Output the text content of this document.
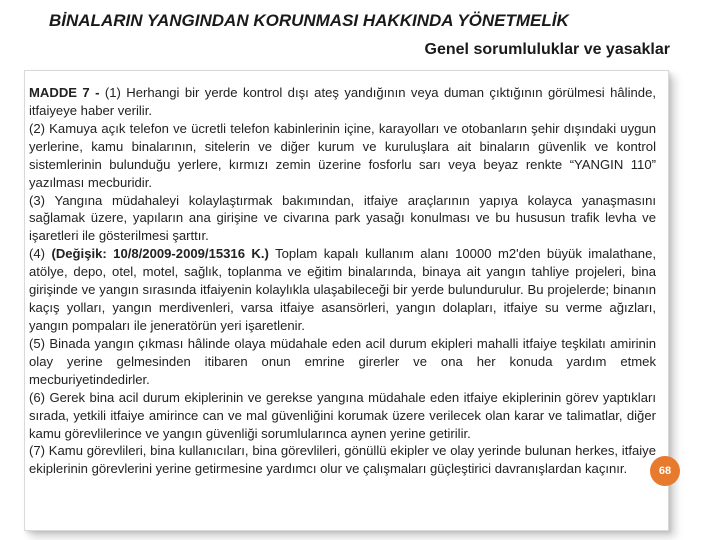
BİNALARIN YANGINDAN KORUNMASI HAKKINDA YÖNETMELİK
Genel sorumluluklar ve yasaklar

MADDE 7 - (1) Herhangi bir yerde kontrol dışı ateş yandığının veya duman çıktığının görülmesi hâlinde, itfaiyeye haber verilir.

(2) Kamuya açık telefon ve ücretli telefon kabinlerinin içine, karayolları ve otobanların şehir dışındaki uygun yerlerine, kamu binalarının, sitelerin ve diğer kurum ve kuruluşlara ait binaların güvenlik ve kontrol sistemlerinin bulunduğu yerlere, kırmızı zemin üzerine fosforlu sarı veya beyaz renkte “YANGIN 110” yazılması mecburidir.

(3) Yangına müdahaleyi kolaylaştırmak bakımından, itfaiye araçlarının yapıya kolayca yanaşmasını sağlamak üzere, yapıların ana girişine ve civarına park yasağı konulması ve bu hususun trafik levha ve işaretleri ile gösterilmesi şarttır.

(4) (Değişik: 10/8/2009-2009/15316 K.) Toplam kapalı kullanım alanı 10000 m2'den büyük imalathane, atölye, depo, otel, motel, sağlık, toplanma ve eğitim binalarında, binaya ait yangın tahliye projeleri, bina girişinde ve yangın sırasında itfaiyenin kolaylıkla ulaşabileceği bir yerde bulundurulur. Bu projelerde; binanın kaçış yolları, yangın merdivenleri, varsa itfaiye asansörleri, yangın dolapları, itfaiye su verme ağızları, yangın pompaları ile jeneratörün yeri işaretlenir.

(5) Binada yangın çıkması hâlinde olaya müdahale eden acil durum ekipleri mahalli itfaiye teşkilatı amirinin olay yerine gelmesinden itibaren onun emrine girerler ve ona her konuda yardım etmek mecburiyetindedirler.

(6) Gerek bina acil durum ekiplerinin ve gerekse yangına müdahale eden itfaiye ekiplerinin görev yaptıkları sırada, yetkili itfaiye amirince can ve mal güvenliğini korumak üzere verilecek olan karar ve talimatlar, diğer kamu görevlilerince ve yangın güvenliği sorumlularınca aynen yerine getirilir.

(7) Kamu görevlileri, bina kullanıcıları, bina görevlileri, gönüllü ekipler ve olay yerinde bulunan herkes, itfaiye ekiplerinin görevlerini yerine getirmesine yardımcı olur ve çalışmaları güçleştirici davranışlardan kaçınır.	68
